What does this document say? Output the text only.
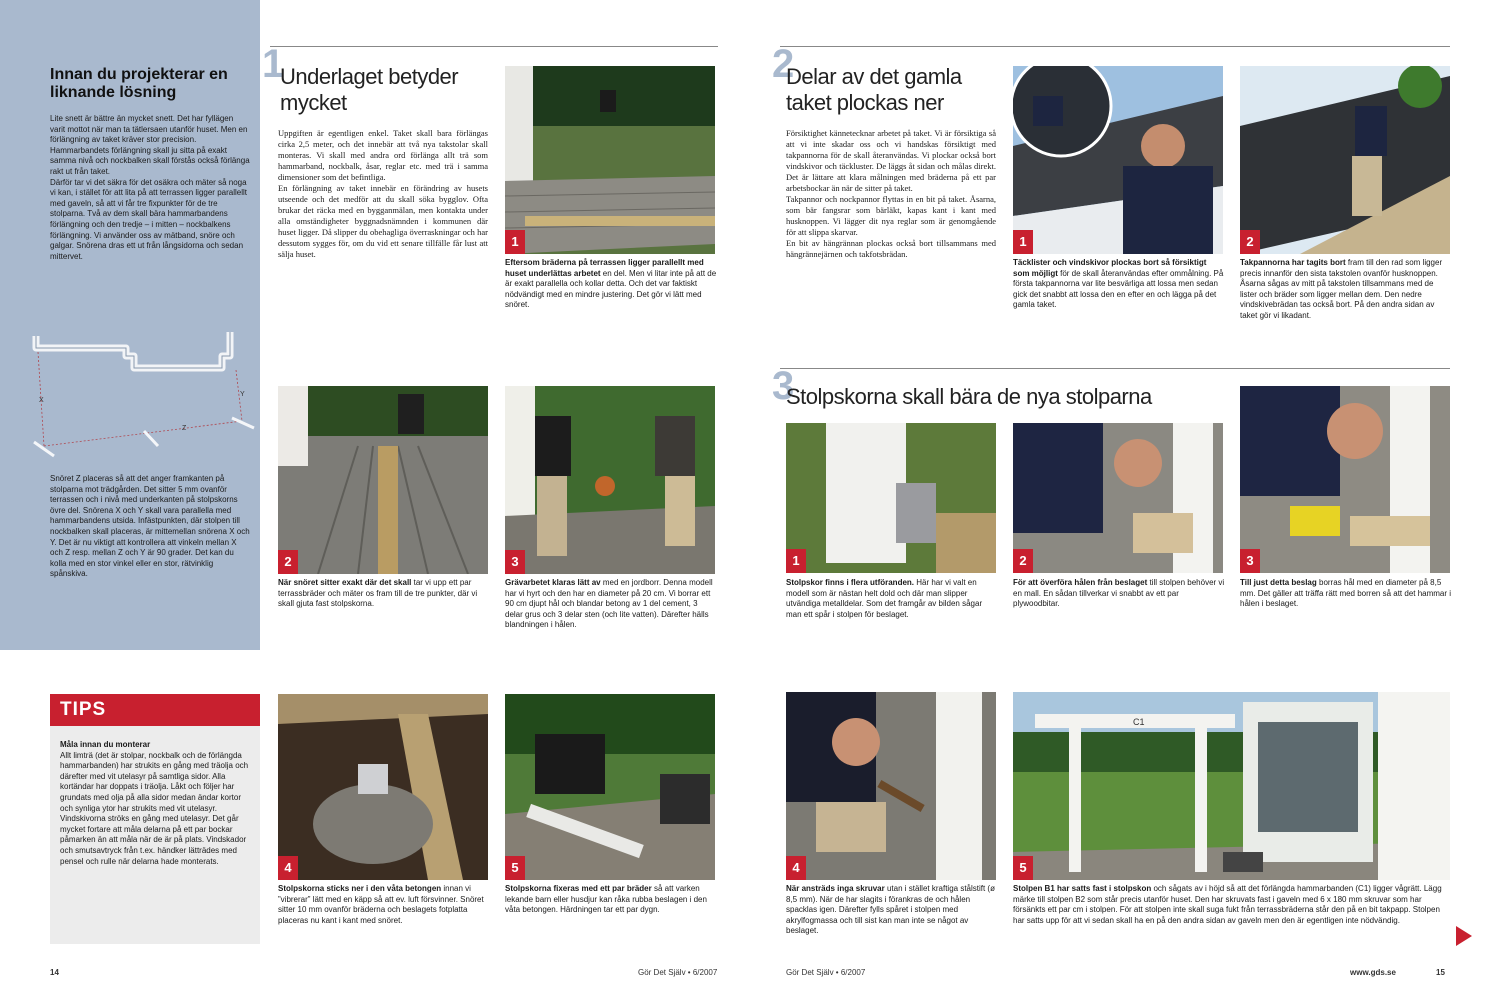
Innan du projekterar en liknande lösning
Lite snett är bättre än mycket snett. Det har fyllägen varit mottot när man ta tätlersaen utanför huset. Men en förlängning av taket kräver stor precision. Hammarbandets förlängning skall ju sitta på exakt samma nivå och nockbalken skall förstås också förlänga rakt ut från taket.
Därför tar vi det säkra för det osäkra och mäter så noga vi kan, i stället för att lita på att terrassen ligger parallellt med gaveln, så att vi får tre fixpunkter för de tre stolparna. Två av dem skall bära hammarbandens förlängning och den tredje – i mitten – nockbalkens förlängning. Vi använder oss av mätband, snöre och galgar. Snörena dras ett ut från långsidorna och sedan mittervet.
X
Y
Z
Snöret Z placeras så att det anger framkanten på stolparna mot trädgården. Det sitter 5 mm ovanför terrassen och i nivå med underkanten på stolpskorns övre del. Snörena X och Y skall vara parallella med hammarbandens utsida. Infästpunkten, där stolpen till nockbalken skall placeras, är mittemellan snörena X och Y. Det är nu viktigt att kontrollera att vinkeln mellan X och Z resp. mellan Z och Y är 90 grader. Det kan du kolla med en stor vinkel eller en stor, rätvinklig spånskiva.
TIPS
Måla innan du monterar
Allt limträ (det är stolpar, nockbalk och de förlängda hammarbanden) har strukits en gång med träolja och därefter med vit utelasyr på samtliga sidor. Alla kortändar har doppats i träolja. Låkt och följer har grundats med olja på alla sidor medan ändar kortor och synliga ytor har strukits med vit utelasyr. Vindskivorna ströks en gång med utelasyr. Det går mycket fortare att måla delarna på ett par bockar påmarken än att måla när de är på plats. Vindskador och smutsavtryck från t.ex. händker lätträdes med pensel och rulle när delarna hade monterats.
1
Underlaget betyder mycket
Uppgiften är egentligen enkel. Taket skall bara förlängas cirka 2,5 meter, och det innebär att två nya takstolar skall monteras. Vi skall med andra ord förlänga allt trä som hammarband, nockbalk, åsar, reglar etc. med trä i samma dimensioner som det befintliga.
En förlängning av taket innebär en förändring av husets utseende och det medför att du skall söka bygglov. Ofta brukar det räcka med en bygganmälan, men kontakta under alla omständigheter byggnadsnämnden i kommunen där huset ligger. Då slipper du obehagliga överraskningar och har dessutom sygges för, om du vid ett senare tillfälle får lust att sälja huset.
1
Eftersom bräderna på terrassen ligger parallellt med huset underlättas arbetet en del. Men vi litar inte på att de är exakt parallella och kollar detta. Och det var faktiskt nödvändigt med en mindre justering. Det gör vi lätt med snöret.
2
När snöret sitter exakt där det skall tar vi upp ett par terrassbräder och mäter os fram till de tre punkter, där vi skall gjuta fast stolpskorna.
3
Grävarbetet klaras lätt av med en jordborr. Denna modell har vi hyrt och den har en diameter på 20 cm. Vi borrar ett 90 cm djupt hål och blandar betong av 1 del cement, 3 delar grus och 3 delar sten (och lite vatten). Därefter hälls blandningen i hålen.
4
Stolpskorna sticks ner i den våta betongen innan vi ”vibrerar” lätt med en käpp så att ev. luft försvinner. Snöret sitter 10 mm ovanför bräderna och beslagets fotplatta placeras nu kant i kant med snöret.
5
Stolpskorna fixeras med ett par bräder så att varken lekande barn eller husdjur kan råka rubba beslagen i den våta betongen. Härdningen tar ett par dygn.
14	Gör Det Själv • 6/2007
2
Delar av det gamla taket plockas ner
Försiktighet kännetecknar arbetet på taket. Vi är försiktiga så att vi inte skadar oss och vi handskas försiktigt med takpannorna för de skall återanvändas. Vi plockar också bort vindskivor och täckluster. De läggs åt sidan och målas direkt. Det är lättare att klara målningen med bräderna på ett par arbetsbockar än när de sitter på taket.
Takpannor och nockpannor flyttas in en bit på taket. Åsarna, som bär fangsrar som bärläkt, kapas kant i kant med husknoppen. Vi lägger dit nya reglar som är genomgående för att slippa skarvar.
En bit av hängrännan plockas också bort tillsammans med hängrännejärnen och takfotsbrädan.
1
Täcklister och vindskivor plockas bort så försiktigt som möjligt för de skall återanvändas efter ommålning. På första takpannorna var lite besvärliga att lossa men sedan gick det snabbt att lossa den en efter en och lägga på det gamla taket.
2
Takpannorna har tagits bort fram till den rad som ligger precis innanför den sista takstolen ovanför husknoppen. Åsarna sågas av mitt på takstolen tillsammans med de lister och bräder som ligger mellan dem. Den nedre vindskivebrädan tas också bort. På den andra sidan av taket gör vi likadant.
3
Stolpskorna skall bära de nya stolparna
1
Stolpskor finns i flera utföranden. Här har vi valt en modell som är nästan helt dold och där man slipper utvändiga metalldelar. Som det framgår av bilden sågar man ett spår i stolpen för beslaget.
2
För att överföra hålen från beslaget till stolpen behöver vi en mall. En sådan tillverkar vi snabbt av ett par plywoodbitar.
3
Till just detta beslag borras hål med en diameter på 8,5 mm. Det gäller att träffa rätt med borren så att det hammar i hålen i beslaget.
4
När ansträds inga skruvar utan i stället kraftiga stålstift (ø 8,5 mm). När de har slagits i förankras de och hålen spacklas igen. Därefter fylls spåret i stolpen med akrylfogmassa och till sist kan man inte se något av beslaget.
C1
5
Stolpen B1 har satts fast i stolpskon och sågats av i höjd så att det förlängda hammarbanden (C1) ligger vågrätt. Lägg märke till stolpen B2 som står precis utanför huset. Den har skruvats fast i gaveln med 6 x 180 mm skruvar som har försänkts ett par cm i stolpen. För att stolpen inte skall suga fukt från terrassbräderna står den på en bit takpapp. Stolpen har satts upp för att vi sedan skall ha en på den andra sidan av gaveln men den är egentligen inte nödvändig.
Gör Det Själv • 6/2007	www.gds.se	15
